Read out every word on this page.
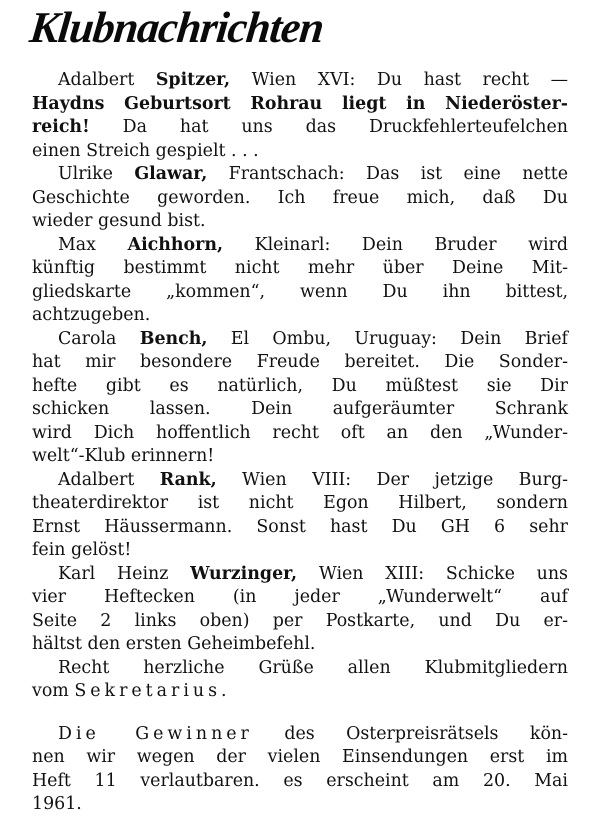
Klubnachrichten
Adalbert Spitzer, Wien XVI: Du hast recht —
Haydns Geburtsort Rohrau liegt in Niederöster-
reich! Da hat uns das Druckfehlerteufelchen
einen Streich gespielt . . .
Ulrike Glawar, Frantschach: Das ist eine nette
Geschichte geworden. Ich freue mich, daß Du
wieder gesund bist.
Max Aichhorn, Kleinarl: Dein Bruder wird
künftig bestimmt nicht mehr über Deine Mit-
gliedskarte „kommen“, wenn Du ihn bittest,
achtzugeben.
Carola Bench, El Ombu, Uruguay: Dein Brief
hat mir besondere Freude bereitet. Die Sonder-
hefte gibt es natürlich, Du müßtest sie Dir
schicken lassen. Dein aufgeräumter Schrank
wird Dich hoffentlich recht oft an den „Wunder-
welt“-Klub erinnern!
Adalbert Rank, Wien VIII: Der jetzige Burg-
theaterdirektor ist nicht Egon Hilbert, sondern
Ernst Häussermann. Sonst hast Du GH 6 sehr
fein gelöst!
Karl Heinz Wurzinger, Wien XIII: Schicke uns
vier Heftecken (in jeder „Wunderwelt“ auf
Seite 2 links oben) per Postkarte, und Du er-
hältst den ersten Geheimbefehl.
Recht herzliche Grüße allen Klubmitgliedern
vom Sekretarius.
Die Gewinner des Osterpreisrätsels kön-
nen wir wegen der vielen Einsendungen erst im
Heft 11 verlautbaren. es erscheint am 20. Mai
1961.
